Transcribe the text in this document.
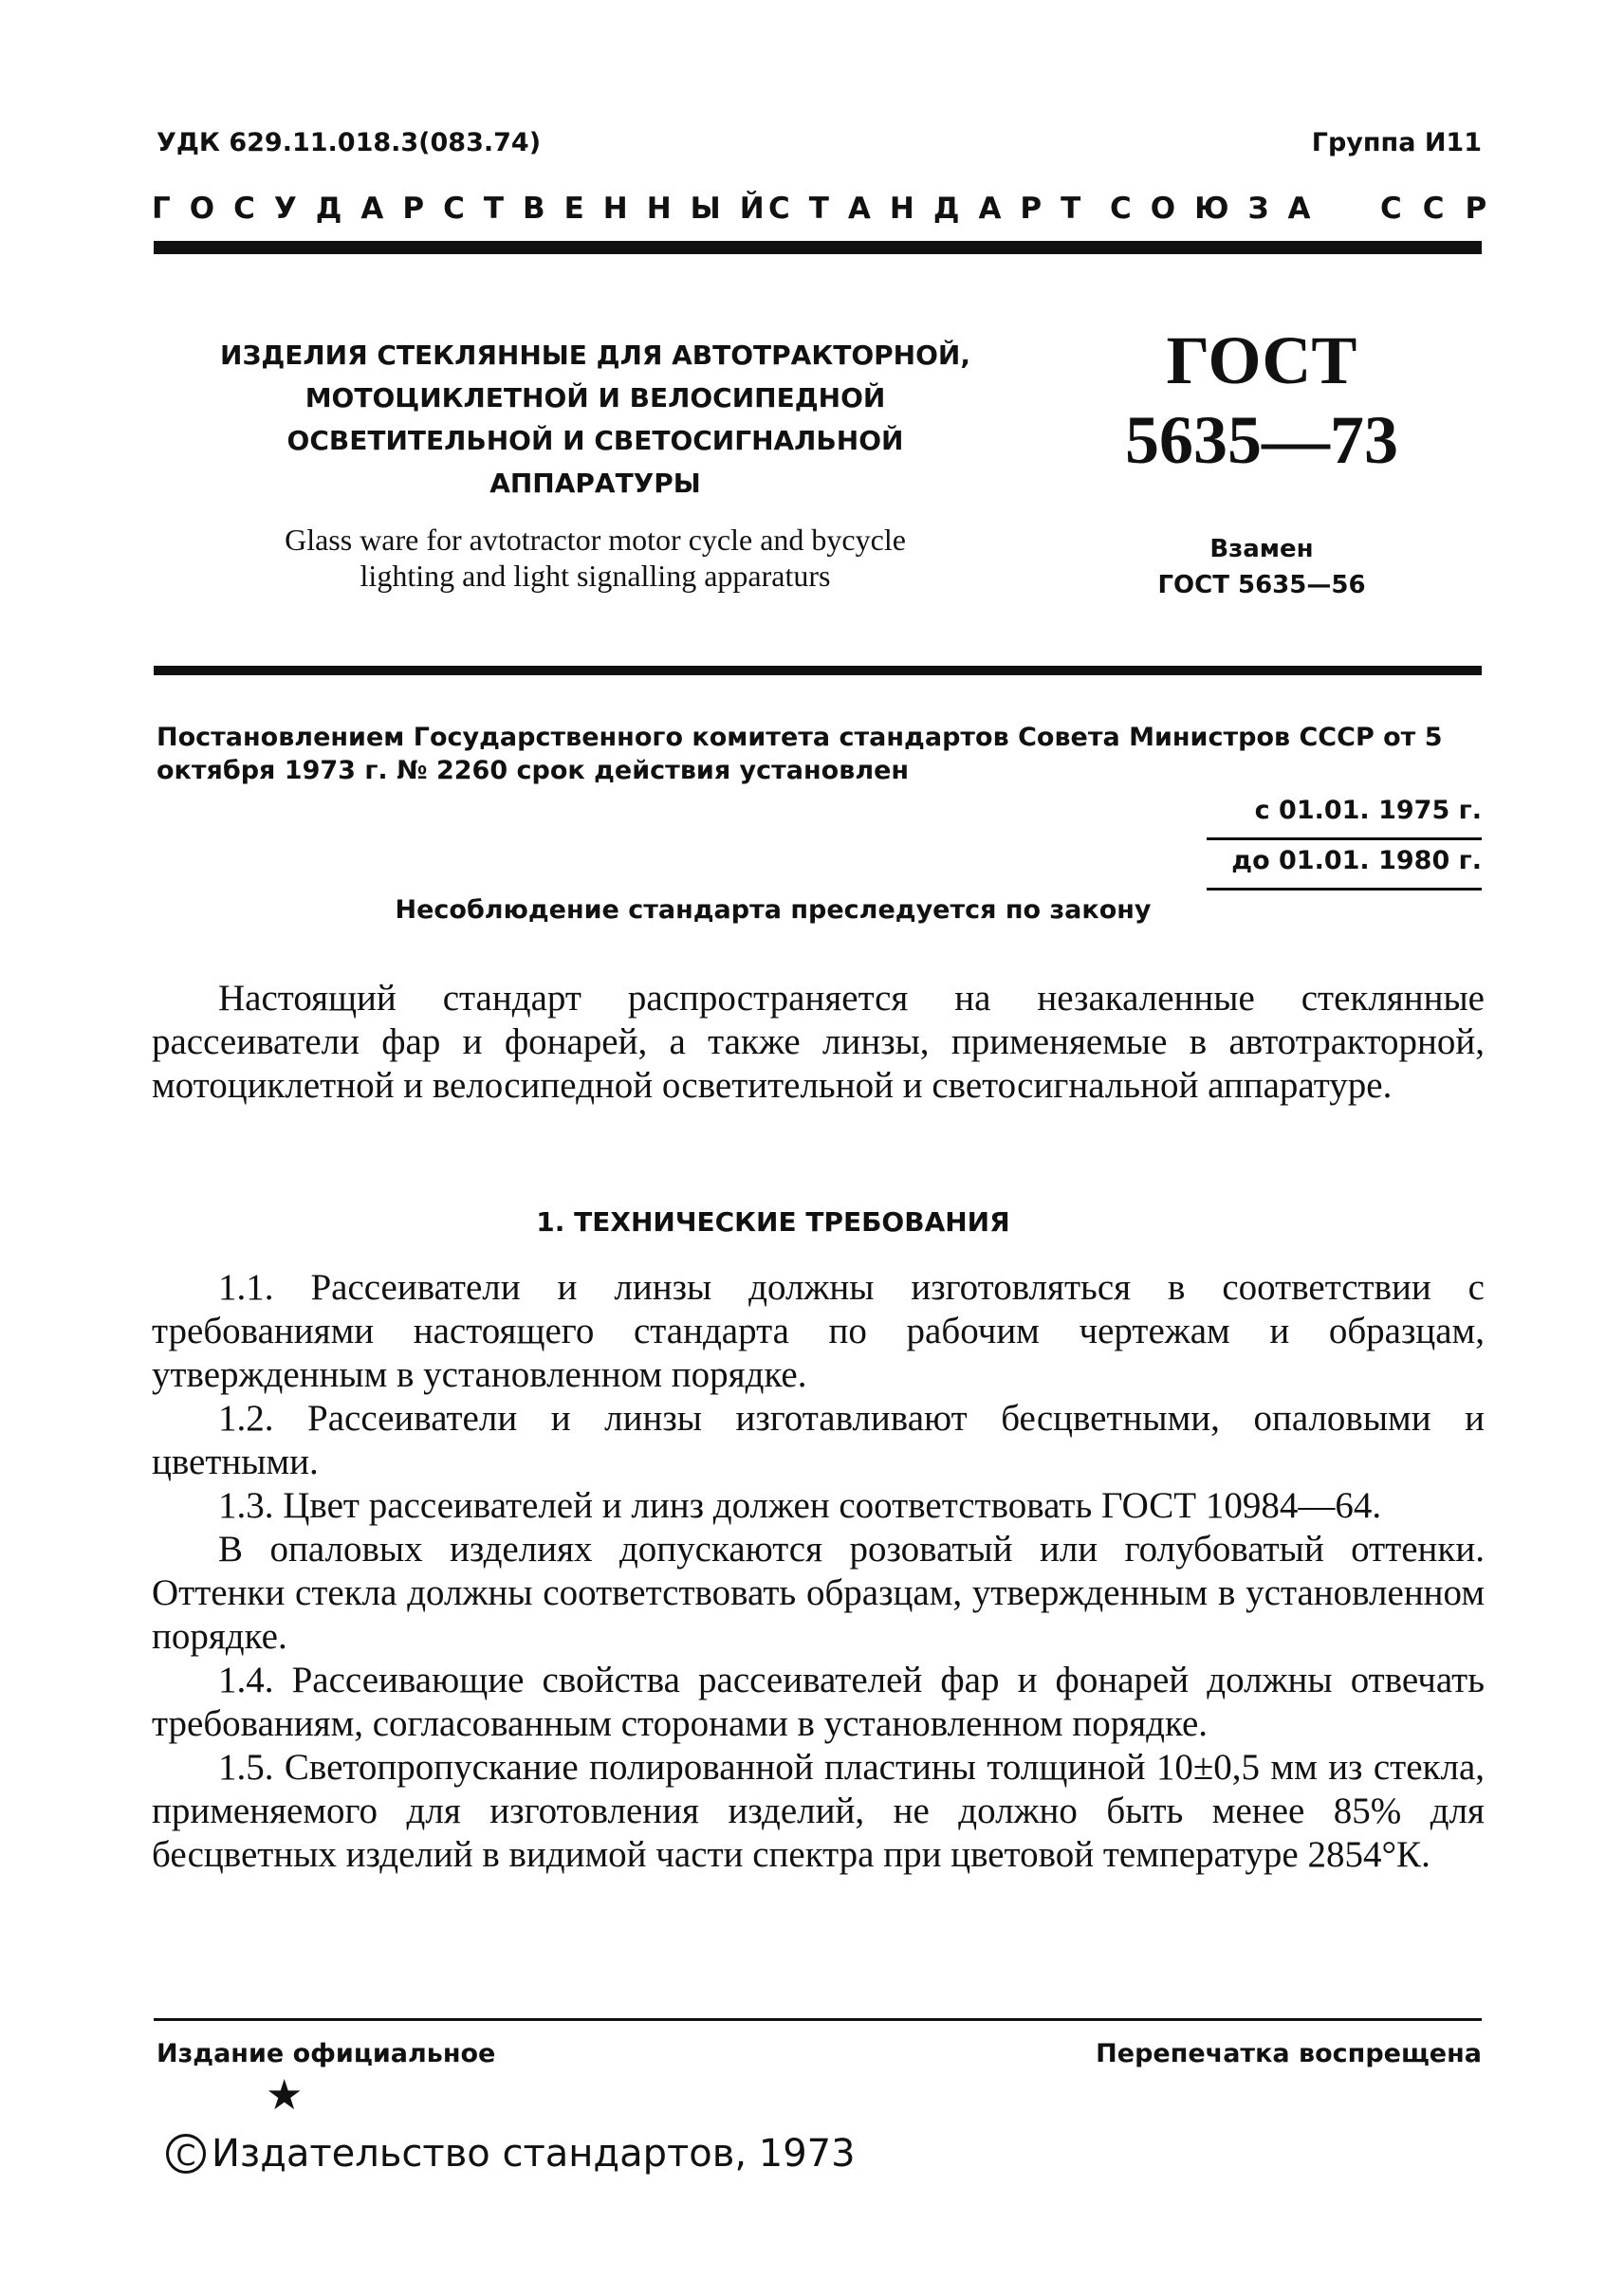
УДК 629.11.018.3(083.74)	Группа И11
ГОСУДАРСТВЕННЫЙ
СТАНДАРТ СОЮЗА ССР
ИЗДЕЛИЯ СТЕКЛЯННЫЕ ДЛЯ АВТОТРАКТОРНОЙ,
МОТОЦИКЛЕТНОЙ И ВЕЛОСИПЕДНОЙ
ОСВЕТИТЕЛЬНОЙ И СВЕТОСИГНАЛЬНОЙ
АППАРАТУРЫ
Glass ware for avtotractor motor cycle and bycycle
lighting and light signalling apparaturs
ГОСТ
5635—73
Взамен
ГОСТ 5635—56
Постановлением Государственного комитета стандартов Совета Министров СССР от 5 октября 1973 г. № 2260 срок действия установлен
с 01.01. 1975 г.
до 01.01. 1980 г.
Несоблюдение стандарта преследуется по закону

Настоящий стандарт распространяется на незакаленные стеклянные рассеиватели фар и фонарей, а также линзы, применяемые в автотракторной, мотоциклетной и велосипедной осветительной и светосигнальной аппаратуре.

1. ТЕХНИЧЕСКИЕ ТРЕБОВАНИЯ

1.1. Рассеиватели и линзы должны изготовляться в соответствии с требованиями настоящего стандарта по рабочим чертежам и образцам, утвержденным в установленном порядке.

1.2. Рассеиватели и линзы изготавливают бесцветными, опаловыми и цветными.

1.3. Цвет рассеивателей и линз должен соответствовать ГОСТ 10984—64.

В опаловых изделиях допускаются розоватый или голубоватый оттенки. Оттенки стекла должны соответствовать образцам, утвержденным в установленном порядке.

1.4. Рассеивающие свойства рассеивателей фар и фонарей должны отвечать требованиям, согласованным сторонами в установленном порядке.

1.5. Светопропускание полированной пластины толщиной 10±0,5 мм из стекла, применяемого для изготовления изделий, не должно быть менее 85% для бесцветных изделий в видимой части спектра при цветовой температуре 2854°К.

Издание официальное	Перепечатка воспрещена
★
C Издательство стандартов, 1973
